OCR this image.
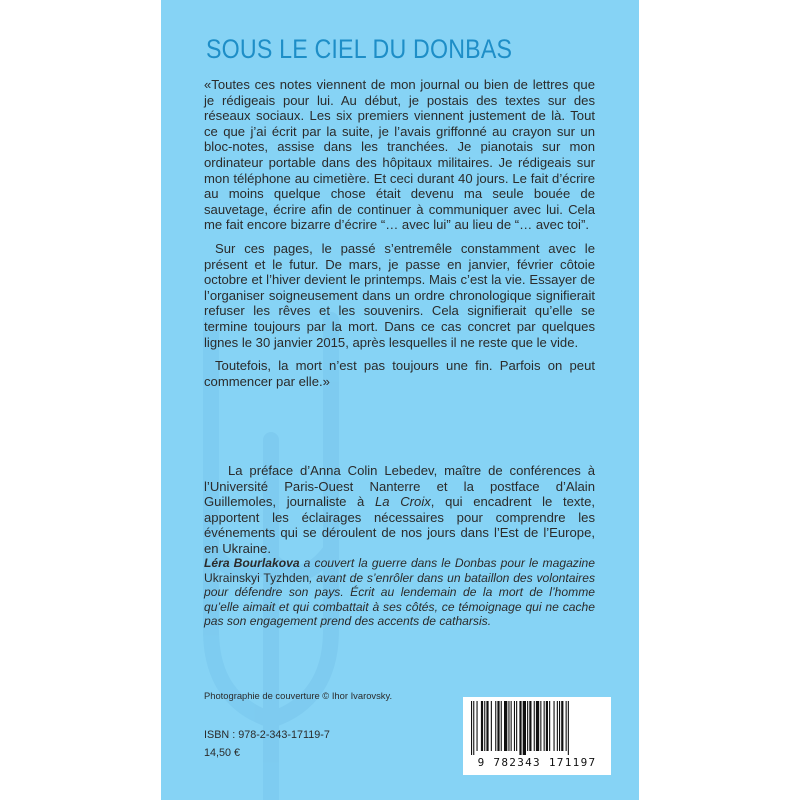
SOUS LE CIEL DU DONBAS

«Toutes ces notes viennent de mon journal ou bien de lettres que je rédigeais pour lui. Au début, je postais des textes sur des réseaux sociaux. Les six premiers viennent justement de là. Tout ce que j’ai écrit par la suite, je l’avais griffonné au crayon sur un bloc-notes, assise dans les tranchées. Je pianotais sur mon ordinateur portable dans des hôpitaux militaires. Je rédigeais sur mon téléphone au cimetière. Et ceci durant 40 jours. Le fait d’écrire au moins quelque chose était devenu ma seule bouée de sauvetage, écrire afin de continuer à communiquer avec lui. Cela me fait encore bizarre d’écrire “… avec lui” au lieu de “… avec toi”.

Sur ces pages, le passé s’entremêle constamment avec le présent et le futur. De mars, je passe en janvier, février côtoie octobre et l’hiver devient le printemps. Mais c’est la vie. Essayer de l’organiser soigneusement dans un ordre chronologique signifierait refuser les rêves et les souvenirs. Cela signifierait qu’elle se termine toujours par la mort. Dans ce cas concret par quelques lignes le 30 janvier 2015, après lesquelles il ne reste que le vide.

Toutefois, la mort n’est pas toujours une fin. Parfois on peut commencer par elle.»

La préface d’Anna Colin Lebedev, maître de conférences à l’Université Paris-Ouest Nanterre et la postface d’Alain Guillemoles, journaliste à La Croix, qui encadrent le texte, apportent les éclairages nécessaires pour comprendre les événements qui se déroulent de nos jours dans l’Est de l’Europe, en Ukraine.

Léra Bourlakova a couvert la guerre dans le Donbas pour le magazine Ukrainskyi Tyzhden, avant de s’enrôler dans un bataillon des volontaires pour défendre son pays. Écrit au lendemain de la mort de l’homme qu’elle aimait et qui combattait à ses côtés, ce témoignage qui ne cache pas son engagement prend des accents de catharsis.

Photographie de couverture © Ihor Ivarovsky.
ISBN : 978-2-343-17119-7
14,50 €
9 782343 171197
